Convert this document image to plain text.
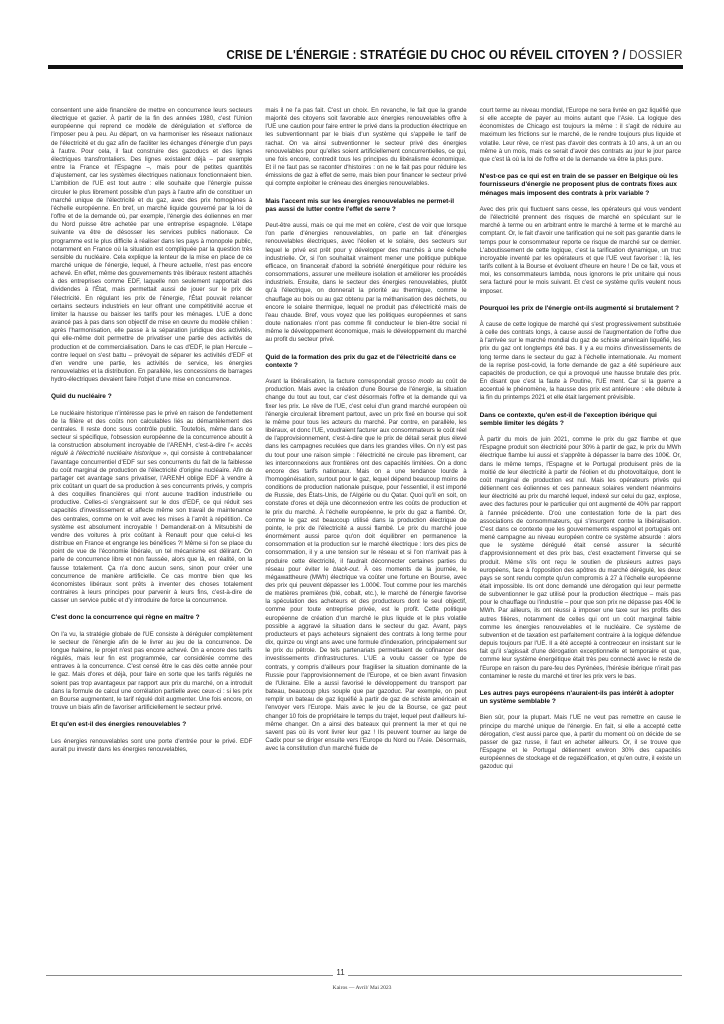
CRISE DE L'ÉNERGIE : STRATÉGIE DU CHOC OU RÉVEIL CITOYEN ? / DOSSIER

consentent une aide financière de mettre en concurrence leurs secteurs électrique et gazier. À partir de la fin des années 1980, c'est l'Union européenne qui reprend ce modèle de dérégulation et s'efforce de l'imposer peu à peu. Au départ, on va harmoniser les réseaux nationaux de l'électricité et du gaz afin de faciliter les échanges d'énergie d'un pays à l'autre. Pour cela, il faut construire des gazoducs et des lignes électriques transfrontaliers. Des lignes existaient déjà – par exemple entre la France et l'Espagne –, mais pour de petites quantités d'ajustement, car les systèmes électriques nationaux fonctionnaient bien. L'ambition de l'UE est tout autre : elle souhaite que l'énergie puisse circuler le plus librement possible d'un pays à l'autre afin de constituer un marché unique de l'électricité et du gaz, avec des prix homogènes à l'échelle européenne. En bref, un marché liquide gouverné par la loi de l'offre et de la demande où, par exemple, l'énergie des éoliennes en mer du Nord puisse être achetée par une entreprise espagnole. L'étape suivante va être de désosser les services publics nationaux. Ce programme est le plus difficile à réaliser dans les pays à monopole public, notamment en France où la situation est compliquée par la question très sensible du nucléaire. Cela explique la lenteur de la mise en place de ce marché unique de l'énergie, lequel, à l'heure actuelle, n'est pas encore achevé. En effet, même des gouvernements très libéraux restent attachés à des entreprises comme EDF, laquelle non seulement rapportait des dividendes à l'État, mais permettait aussi de jouer sur le prix de l'électricité. En régulant les prix de l'énergie, l'État pouvait relancer certains secteurs industriels en leur offrant une compétitivité accrue et limiter la hausse ou baisser les tarifs pour les ménages. L'UE a donc avancé pas à pas dans son objectif de mise en œuvre du modèle chilien : après l'harmonisation, elle passe à la séparation juridique des activités, qui elle-même doit permettre de privatiser une partie des activités de production et de commercialisation. Dans le cas d'EDF, le plan Hercule – contre lequel on s'est battu – prévoyait de séparer les activités d'EDF et d'en vendre une partie, les activités de service, les énergies renouvelables et la distribution. En parallèle, les concessions de barrages hydro-électriques devaient faire l'objet d'une mise en concurrence.

Quid du nucléaire ?

Le nucléaire historique n'intéresse pas le privé en raison de l'endettement de la filière et des coûts non calculables liés au démantèlement des centrales. Il reste donc sous contrôle public. Toutefois, même dans ce secteur si spécifique, l'obsession européenne de la concurrence aboutit à la construction absolument incroyable de l'ARENH, c'est-à-dire l'« accès régulé à l'électricité nucléaire historique », qui consiste à contrebalancer l'avantage concurrentiel d'EDF sur ses concurrents du fait de la faiblesse du coût marginal de production de l'électricité d'origine nucléaire. Afin de partager cet avantage sans privatiser, l'ARENH oblige EDF à vendre à prix coûtant un quart de sa production à ses concurrents privés, y compris à des coquilles financières qui n'ont aucune tradition industrielle ou productive. Celles-ci s'engraissent sur le dos d'EDF, ce qui réduit ses capacités d'investissement et affecte même son travail de maintenance des centrales, comme on le voit avec les mises à l'arrêt à répétition. Ce système est absolument incroyable ! Demanderait-on à Mitsubishi de vendre des voitures à prix coûtant à Renault pour que celui-ci les distribue en France et engrange les bénéfices ?! Même si l'on se place du point de vue de l'économie libérale, un tel mécanisme est délirant. On parle de concurrence libre et non faussée, alors que là, en réalité, on la fausse totalement. Ça n'a donc aucun sens, sinon pour créer une concurrence de manière artificielle. Ce cas montre bien que les économistes libéraux sont prêts à inventer des choses totalement contraires à leurs principes pour parvenir à leurs fins, c'est-à-dire de casser un service public et d'y introduire de force la concurrence.

C'est donc la concurrence qui règne en maître ?

On l'a vu, la stratégie globale de l'UE consiste à déréguler complètement le secteur de l'énergie afin de le livrer au jeu de la concurrence. De longue haleine, le projet n'est pas encore achevé. On a encore des tarifs régulés, mais leur fin est programmée, car considérée comme des entraves à la concurrence. C'est censé être le cas dès cette année pour le gaz. Mais d'ores et déjà, pour faire en sorte que les tarifs régulés ne soient pas trop avantageux par rapport aux prix du marché, on a introduit dans la formule de calcul une corrélation partielle avec ceux-ci : si les prix en Bourse augmentent, le tarif régulé doit augmenter. Une fois encore, on trouve un biais afin de favoriser artificiellement le secteur privé.

Et qu'en est-il des énergies renouvelables ?

Les énergies renouvelables sont une porte d'entrée pour le privé. EDF aurait pu investir dans les énergies renouvelables,

mais il ne l'a pas fait. C'est un choix. En revanche, le fait que la grande majorité des citoyens soit favorable aux énergies renouvelables offre à l'UE une caution pour faire entrer le privé dans la production électrique en les subventionnant par le biais d'un système qui s'appelle le tarif de rachat. On va ainsi subventionner le secteur privé des énergies renouvelables pour qu'elles soient artificiellement concurrentielles, ce qui, une fois encore, contredit tous les principes du libéralisme économique. Et il ne faut pas se raconter d'histoires : on ne le fait pas pour réduire les émissions de gaz à effet de serre, mais bien pour financer le secteur privé qui compte exploiter le créneau des énergies renouvelables.

Mais l'accent mis sur les énergies renouvelables ne permet-il pas aussi de lutter contre l'effet de serre ?

Peut-être aussi, mais ce qui me met en colère, c'est de voir que lorsque l'on parle d'énergies renouvelables, on parle en fait d'énergies renouvelables électriques, avec l'éolien et le solaire, des secteurs sur lequel le privé est prêt pour y développer des marchés à une échelle industrielle. Or, si l'on souhaitait vraiment mener une politique publique efficace, on financerait d'abord la sobriété énergétique pour réduire les consommations, assurer une meilleure isolation et améliorer les procédés industriels. Ensuite, dans le secteur des énergies renouvelables, plutôt qu'à l'électrique, on donnerait la priorité au thermique, comme le chauffage au bois ou au gaz obtenu par la méthanisation des déchets, ou encore le solaire thermique, lequel ne produit pas d'électricité mais de l'eau chaude. Bref, vous voyez que les politiques européennes et sans doute nationales n'ont pas comme fil conducteur le bien-être social ni même le développement économique, mais le développement du marché au profit du secteur privé.

Quid de la formation des prix du gaz et de l'électricité dans ce contexte ?

Avant la libéralisation, la facture correspondait grosso modo au coût de production. Mais avec la création d'une Bourse de l'énergie, la situation change du tout au tout, car c'est désormais l'offre et la demande qui va fixer les prix. Le rêve de l'UE, c'est celui d'un grand marché européen où l'énergie circulerait librement partout, avec un prix fixé en bourse qui soit le même pour tous les acteurs du marché. Par contre, en parallèle, les libéraux, et donc l'UE, voudraient facturer aux consommateurs le coût réel de l'approvisionnement, c'est-à-dire que le prix de détail serait plus élevé dans les campagnes reculées que dans les grandes villes. On n'y est pas du tout pour une raison simple : l'électricité ne circule pas librement, car les interconnexions aux frontières ont des capacités limitées. On a donc encore des tarifs nationaux. Mais on a une tendance lourde à l'homogénéisation, surtout pour le gaz, lequel dépend beaucoup moins de conditions de production nationale puisque, pour l'essentiel, il est importé de Russie, des États-Unis, de l'Algérie ou du Qatar. Quoi qu'il en soit, on constate d'ores et déjà une déconnexion entre les coûts de production et le prix du marché. À l'échelle européenne, le prix du gaz a flambé. Or, comme le gaz est beaucoup utilisé dans la production électrique de pointe, le prix de l'électricité a aussi flambé. Le prix du marché joue énormément aussi parce qu'on doit équilibrer en permanence la consommation et la production sur le marché électrique : lors des pics de consommation, il y a une tension sur le réseau et si l'on n'arrivait pas à produire cette électricité, il faudrait déconnecter certaines parties du réseau pour éviter le black-out. À ces moments de la journée, le mégawattheure (MWh) électrique va coûter une fortune en Bourse, avec des prix qui peuvent dépasser les 1.000€. Tout comme pour les marchés de matières premières (blé, cobalt, etc.), le marché de l'énergie favorise la spéculation des acheteurs et des producteurs dont le seul objectif, comme pour toute entreprise privée, est le profit. Cette politique européenne de création d'un marché le plus liquide et le plus volatile possible a aggravé la situation dans le secteur du gaz. Avant, pays producteurs et pays acheteurs signaient des contrats à long terme pour dix, quinze ou vingt ans avec une formule d'indexation, principalement sur le prix du pétrole. De tels partenariats permettaient de cofinancer des investissements d'infrastructures. L'UE a voulu casser ce type de contrats, y compris d'ailleurs pour fragiliser la situation dominante de la Russie pour l'approvisionnement de l'Europe, et ce bien avant l'invasion de l'Ukraine. Elle a aussi favorisé le développement du transport par bateau, beaucoup plus souple que par gazoduc. Par exemple, on peut remplir un bateau de gaz liquéfié à partir de gaz de schiste américain et l'envoyer vers l'Europe. Mais avec le jeu de la Bourse, ce gaz peut changer 10 fois de propriétaire le temps du trajet, lequel peut d'ailleurs lui-même changer. On a ainsi des bateaux qui prennent la mer et qui ne savent pas où ils vont livrer leur gaz ! Ils peuvent tourner au large de Cadix pour se diriger ensuite vers l'Europe du Nord ou l'Asie. Désormais, avec la constitution d'un marché fluide de

court terme au niveau mondial, l'Europe ne sera livrée en gaz liquéfié que si elle accepte de payer au moins autant que l'Asie. La logique des économistes de Chicago est toujours la même : il s'agit de réduire au maximum les frictions sur le marché, de le rendre toujours plus liquide et volatile. Leur rêve, ce n'est pas d'avoir des contrats à 10 ans, à un an ou même à un mois, mais ce serait d'avoir des contrats au jour le jour parce que c'est là où la loi de l'offre et de la demande va être la plus pure.

N'est-ce pas ce qui est en train de se passer en Belgique où les fournisseurs d'énergie ne proposent plus de contrats fixes aux ménages mais imposent des contrats à prix variable ?

Avec des prix qui fluctuent sans cesse, les opérateurs qui vous vendent de l'électricité prennent des risques de marché en spéculant sur le marché à terme ou en arbitrant entre le marché à terme et le marché au comptant. Or, le fait d'avoir une tarification qui ne soit pas garantie dans le temps pour le consommateur reporte ce risque de marché sur ce dernier. L'aboutissement de cette logique, c'est la tarification dynamique, un truc incroyable inventé par les opérateurs et que l'UE veut favoriser : là, les tarifs collent à la Bourse et évoluent d'heure en heure ! De ce fait, vous et moi, les consommateurs lambda, nous ignorons le prix unitaire qui nous sera facturé pour le mois suivant. Et c'est ce système qu'ils veulent nous imposer.

Pourquoi les prix de l'énergie ont-ils augmenté si brutalement ?

À cause de cette logique de marché qui s'est progressivement substituée à celle des contrats longs, à cause aussi de l'augmentation de l'offre due à l'arrivée sur le marché mondial du gaz de schiste américain liquéfié, les prix du gaz ont longtemps été bas. Il y a eu moins d'investissements de long terme dans le secteur du gaz à l'échelle internationale. Au moment de la reprise post-covid, la forte demande de gaz a été supérieure aux capacités de production, ce qui a provoqué une hausse brutale des prix. En disant que c'est la faute à Poutine, l'UE ment. Car si la guerre a accentué le phénomène, la hausse des prix est antérieure : elle débute à la fin du printemps 2021 et elle était largement prévisible.

Dans ce contexte, qu'en est-il de l'exception ibérique qui semble limiter les dégâts ?

À partir du mois de juin 2021, comme le prix du gaz flambe et que l'Espagne produit son électricité pour 30% à partir de gaz, le prix du MWh électrique flambe lui aussi et s'apprête à dépasser la barre des 100€. Or, dans le même temps, l'Espagne et le Portugal produisent près de la moitié de leur électricité à partir de l'éolien et du photovoltaïque, dont le coût marginal de production est nul. Mais les opérateurs privés qui détiennent ces éoliennes et ces panneaux solaires vendent néanmoins leur électricité au prix du marché lequel, indexé sur celui du gaz, explose, avec des factures pour le particulier qui ont augmenté de 40% par rapport à l'année précédente. D'où une contestation forte de la part des associations de consommateurs, qui s'insurgent contre la libéralisation. C'est dans ce contexte que les gouvernements espagnol et portugais ont mené campagne au niveau européen contre ce système absurde : alors que le système dérégulé était censé assurer la sécurité d'approvisionnement et des prix bas, c'est exactement l'inverse qui se produit. Même s'ils ont reçu le soutien de plusieurs autres pays européens, face à l'opposition des apôtres du marché dérégulé, les deux pays se sont rendu compte qu'un compromis à 27 à l'échelle européenne était impossible. Ils ont donc demandé une dérogation qui leur permette de subventionner le gaz utilisé pour la production électrique – mais pas pour le chauffage ou l'industrie – pour que son prix ne dépasse pas 40€ le MWh. Par ailleurs, ils ont réussi à imposer une taxe sur les profits des autres filières, notamment de celles qui ont un coût marginal faible comme les énergies renouvelables et le nucléaire. Ce système de subvention et de taxation est parfaitement contraire à la logique défendue depuis toujours par l'UE. Il a été accepté à contrecœur en insistant sur le fait qu'il s'agissait d'une dérogation exceptionnelle et temporaire et que, comme leur système énergétique était très peu connecté avec le reste de l'Europe en raison du pare-feu des Pyrénées, l'hérésie ibérique n'irait pas contaminer le reste du marché et tirer les prix vers le bas.

Les autres pays européens n'auraient-ils pas intérêt à adopter un système semblable ?

Bien sûr, pour la plupart. Mais l'UE ne veut pas remettre en cause le principe du marché unique de l'énergie. En fait, si elle a accepté cette dérogation, c'est aussi parce que, à partir du moment où on décide de se passer de gaz russe, il faut en acheter ailleurs. Or, il se trouve que l'Espagne et le Portugal détiennent environ 30% des capacités européennes de stockage et de regazéification, et qu'en outre, il existe un gazoduc qui

11
Kairos — Avril/ Mai 2023
